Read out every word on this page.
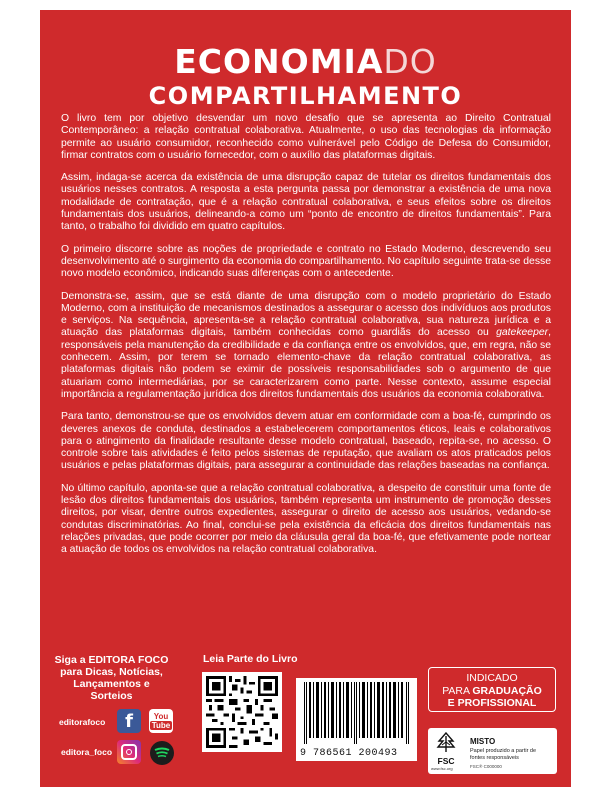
ECONOMIADO
COMPARTILHAMENTO

O livro tem por objetivo desvendar um novo desafio que se apresenta ao Direito Contratual Contemporâneo: a relação contratual colaborativa. Atualmente, o uso das tecnologias da informação permite ao usuário consumidor, reconhecido como vulnerável pelo Código de Defesa do Consumidor, firmar contratos com o usuário fornecedor, com o auxílio das plataformas digitais.

Assim, indaga-se acerca da existência de uma disrupção capaz de tutelar os direitos fundamentais dos usuários nesses contratos. A resposta a esta pergunta passa por demonstrar a existência de uma nova modalidade de contratação, que é a relação contratual colaborativa, e seus efeitos sobre os direitos fundamentais dos usuários, delineando-a como um “ponto de encontro de direitos fundamentais”. Para tanto, o trabalho foi dividido em quatro capítulos.

O primeiro discorre sobre as noções de propriedade e contrato no Estado Moderno, descrevendo seu desenvolvimento até o surgimento da economia do compartilhamento. No capítulo seguinte trata-se desse novo modelo econômico, indicando suas diferenças com o antecedente.

Demonstra-se, assim, que se está diante de uma disrupção com o modelo proprietário do Estado Moderno, com a instituição de mecanismos destinados a assegurar o acesso dos indivíduos aos produtos e serviços. Na sequência, apresenta-se a relação contratual colaborativa, sua natureza jurídica e a atuação das plataformas digitais, também conhecidas como guardiãs do acesso ou gatekeeper, responsáveis pela manutenção da credibilidade e da confiança entre os envolvidos, que, em regra, não se conhecem. Assim, por terem se tornado elemento-chave da relação contratual colaborativa, as plataformas digitais não podem se eximir de possíveis responsabilidades sob o argumento de que atuariam como intermediárias, por se caracterizarem como parte. Nesse contexto, assume especial importância a regulamentação jurídica dos direitos fundamentais dos usuários da economia colaborativa.

Para tanto, demonstrou-se que os envolvidos devem atuar em conformidade com a boa-fé, cumprindo os deveres anexos de conduta, destinados a estabelecerem comportamentos éticos, leais e colaborativos para o atingimento da finalidade resultante desse modelo contratual, baseado, repita-se, no acesso. O controle sobre tais atividades é feito pelos sistemas de reputação, que avaliam os atos praticados pelos usuários e pelas plataformas digitais, para assegurar a continuidade das relações baseadas na confiança.

No último capítulo, aponta-se que a relação contratual colaborativa, a despeito de constituir uma fonte de lesão dos direitos fundamentais dos usuários, também representa um instrumento de promoção desses direitos, por visar, dentre outros expedientes, assegurar o direito de acesso aos usuários, vedando-se condutas discriminatórias. Ao final, conclui-se pela existência da eficácia dos direitos fundamentais nas relações privadas, que pode ocorrer por meio da cláusula geral da boa-fé, que efetivamente pode nortear a atuação de todos os envolvidos na relação contratual colaborativa.

Siga a EDITORA FOCO
para Dicas, Notícias,
Lançamentos e Sorteios
editorafoco	f	You
Tube
editora_foco
Leia Parte do Livro
9 786561 200493
INDICADO
PARA GRADUAÇÃO
E PROFISSIONAL
FSC
www.fsc.org
MISTO
Papel produzido a partir de fontes responsáveis
FSC® C000000
